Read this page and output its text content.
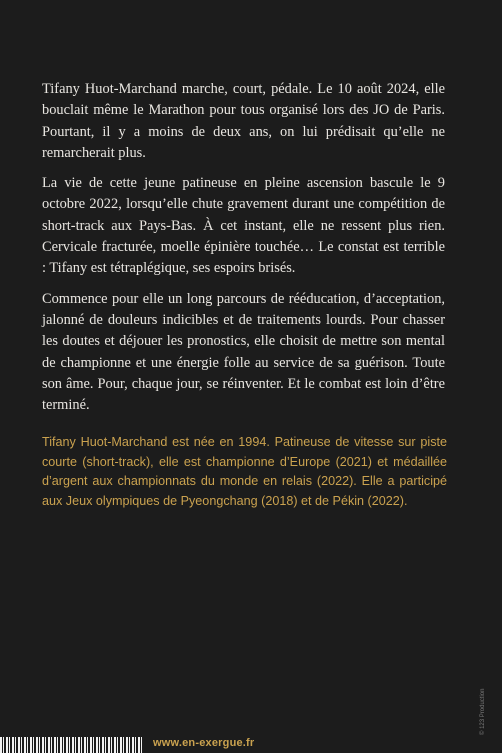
Tifany Huot-Marchand marche, court, pédale. Le 10 août 2024, elle bouclait même le Marathon pour tous organisé lors des JO de Paris. Pourtant, il y a moins de deux ans, on lui prédisait qu’elle ne remarcherait plus.

La vie de cette jeune patineuse en pleine ascension bascule le 9 octobre 2022, lorsqu’elle chute gravement durant une compétition de short-track aux Pays-Bas. À cet instant, elle ne ressent plus rien. Cervicale fracturée, moelle épinière touchée… Le constat est terrible : Tifany est tétraplégique, ses espoirs brisés.

Commence pour elle un long parcours de rééducation, d’acceptation, jalonné de douleurs indicibles et de traitements lourds. Pour chasser les doutes et déjouer les pronostics, elle choisit de mettre son mental de championne et une énergie folle au service de sa guérison. Toute son âme. Pour, chaque jour, se réinventer. Et le combat est loin d’être terminé.

Tifany Huot-Marchand est née en 1994. Patineuse de vitesse sur piste courte (short-track), elle est championne d’Europe (2021) et médaillée d’argent aux championnats du monde en relais (2022). Elle a participé aux Jeux olympiques de Pyeongchang (2018) et de Pékin (2022).
www.en-exergue.fr
© 123 Production
